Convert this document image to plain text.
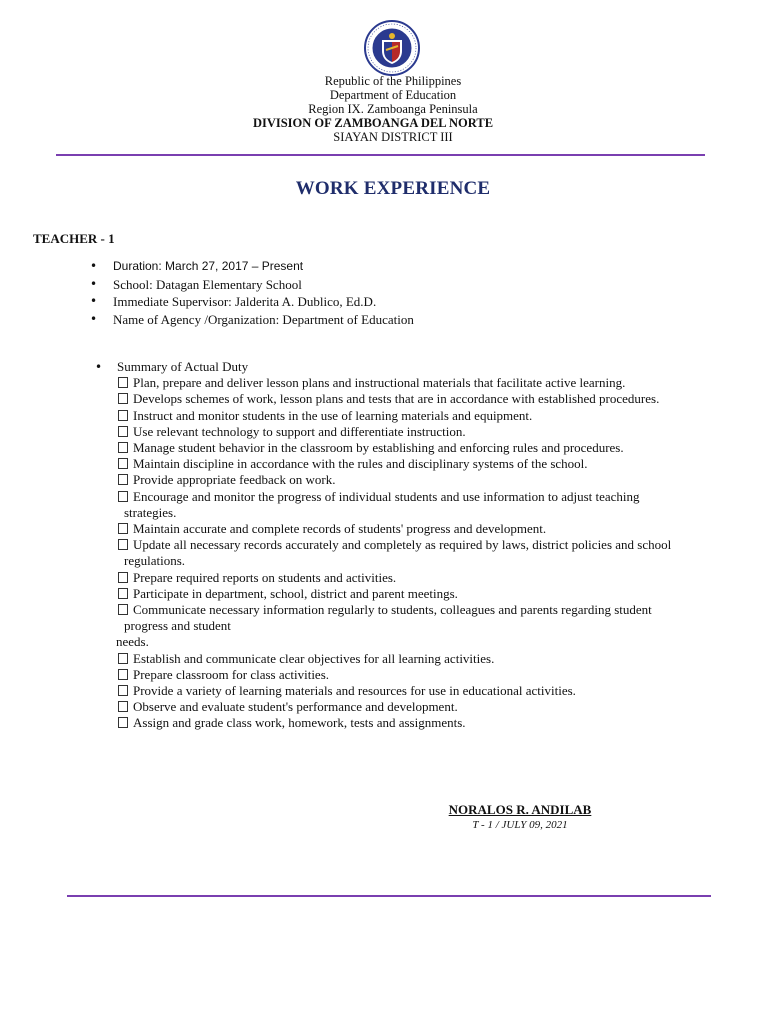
Republic of the Philippines
Department of Education
Region IX. Zamboanga Peninsula
DIVISION OF ZAMBOANGA DEL NORTE
SIAYAN DISTRICT III
WORK EXPERIENCE
TEACHER - 1
• Duration: March 27, 2017 – Present
• School: Datagan Elementary School
• Immediate Supervisor: Jalderita A. Dublico, Ed.D.
• Name of Agency /Organization: Department of Education
• Summary of Actual Duty
Plan, prepare and deliver lesson plans and instructional materials that facilitate active learning.
Develops schemes of work, lesson plans and tests that are in accordance with established procedures.
Instruct and monitor students in the use of learning materials and equipment.
Use relevant technology to support and differentiate instruction.
Manage student behavior in the classroom by establishing and enforcing rules and procedures.
Maintain discipline in accordance with the rules and disciplinary systems of the school.
Provide appropriate feedback on work.
Encourage and monitor the progress of individual students and use information to adjust teaching
strategies.
Maintain accurate and complete records of students' progress and development.
Update all necessary records accurately and completely as required by laws, district policies and school
regulations.
Prepare required reports on students and activities.
Participate in department, school, district and parent meetings.
Communicate necessary information regularly to students, colleagues and parents regarding student
progress and student
needs.
Establish and communicate clear objectives for all learning activities.
Prepare classroom for class activities.
Provide a variety of learning materials and resources for use in educational activities.
Observe and evaluate student's performance and development.
Assign and grade class work, homework, tests and assignments.
NORALOS R. ANDILAB
T - 1 / JULY 09, 2021
